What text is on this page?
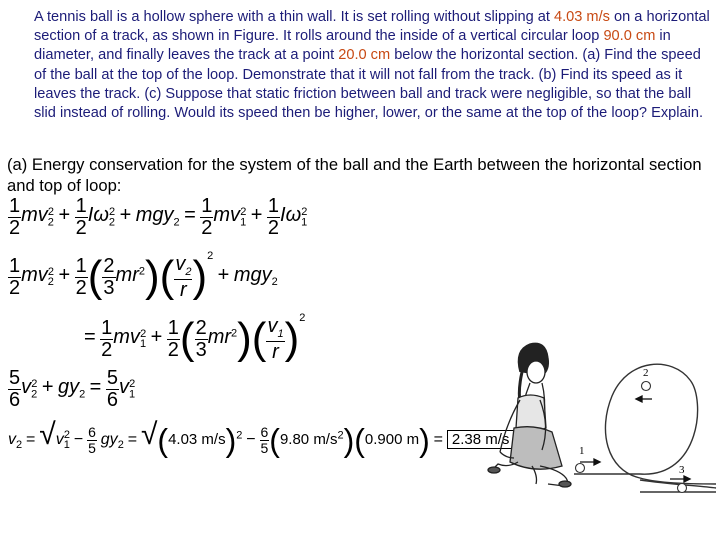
A tennis ball is a hollow sphere with a thin wall. It is set rolling without slipping at 4.03 m/s on a horizontal section of a track, as shown in Figure. It rolls around the inside of a vertical circular loop 90.0 cm in diameter, and finally leaves the track at a point 20.0 cm below the horizontal section. (a) Find the speed of the ball at the top of the loop. Demonstrate that it will not fall from the track. (b) Find its speed as it leaves the track. (c) Suppose that static friction between ball and track were negligible, so that the ball slid instead of rolling. Would its speed then be higher, lower, or the same at the top of the loop? Explain.
(a) Energy conservation for the system of the ball and the Earth between the horizontal section and top of loop:
$\frac{1}{2} mv_2^2 + \frac{1}{2} I\omega_2^2 + mgy_2 = \frac{1}{2} mv_1^2 + \frac{1}{2} I\omega_1^2$
$\frac{1}{2} mv_2^2 + \frac{1}{2}$ ( $\frac{2}{3} mr^2)( \frac{v_2}{r} )^2 + mgy_2$
= $\frac{1}{2} mv_1^2 + \frac{1}{2}$ ( $\frac{2}{3} mr^2)( \frac{v_1}{r} )^2$
$\frac{5}{6} v_2^2 + gy_2 = \frac{5}{6} v_1^2$
$v_2 = √v_1^2 - \frac{6}{5} gy_2 = √(4.03$ $m/s)^2 - \frac{6}{5} (9.80$ $m/s^2)(0.900$ m) = 2.38 m/s
2
1
3
